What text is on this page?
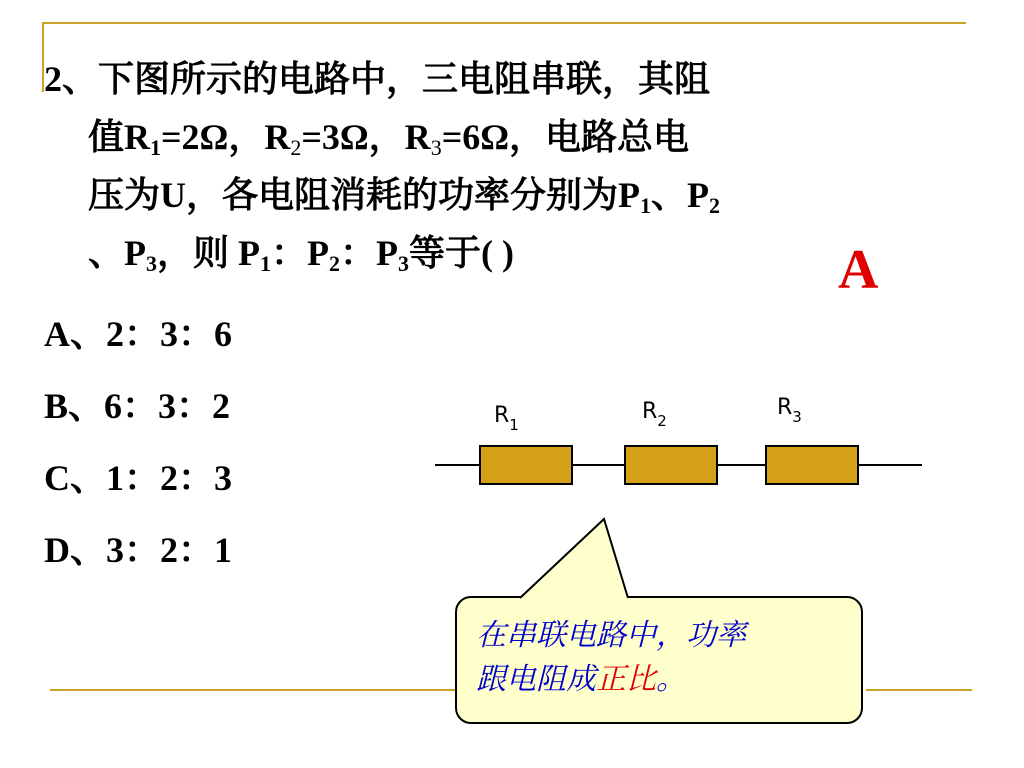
2、下图所示的电路中，三电阻串联，其阻
值$R_1=2\Omega$，$R_2=3\Omega$，$R_3=6\Omega$，电路总电
压为U，各电阻消耗的功率分别为$P_1$、$P_2$
、$P_3$，则 $P_1$：$P_2$：$P_3$等于( )	A
A、2：3：6
B、6：3：2
C、1：2：3
D、3：2：1
$R_1$
$R_2$
$R_3$
在串联电路中，功率
跟电阻成正比。
